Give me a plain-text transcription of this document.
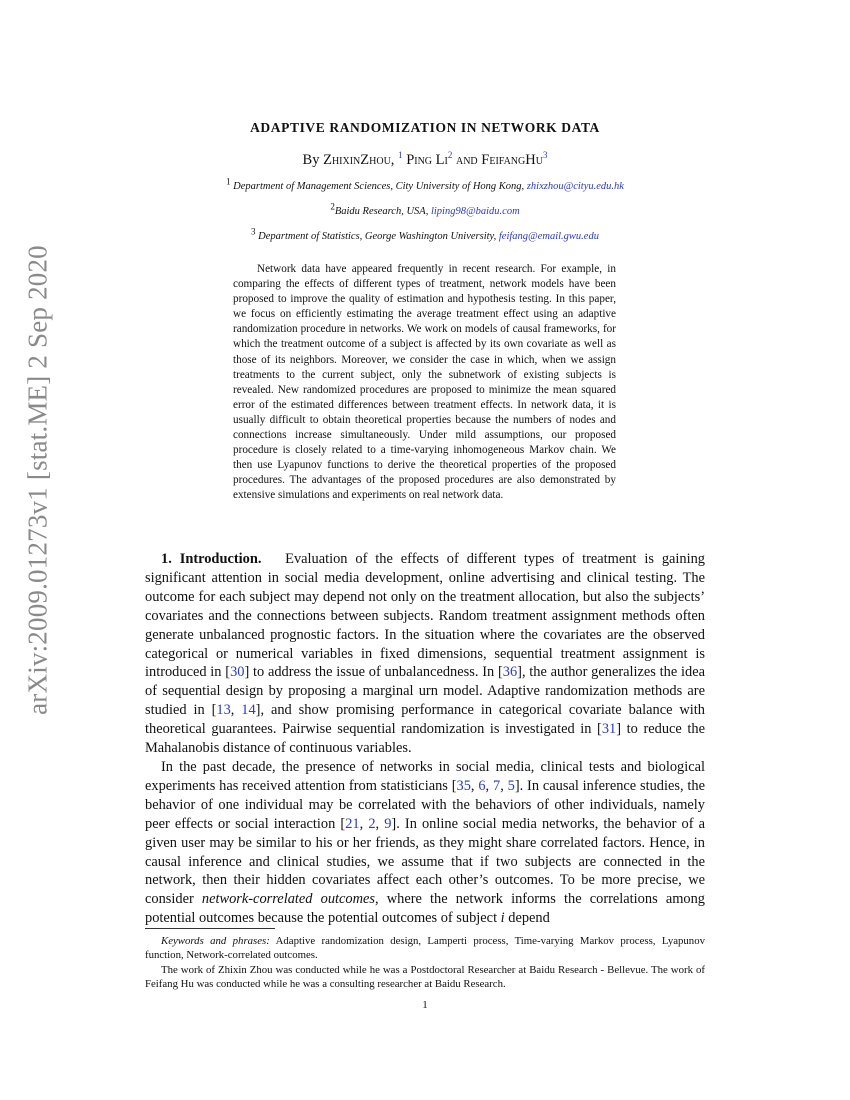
arXiv:2009.01273v1 [stat.ME] 2 Sep 2020
ADAPTIVE RANDOMIZATION IN NETWORK DATA
By ZhixinZhou, $^1$ Ping Li$^2$ and FeifangHu$^3$
$^1$ Department of Management Sciences, City University of Hong Kong, zhixzhou@cityu.edu.hk
$^2$Baidu Research, USA, liping98@baidu.com
$^3$ Department of Statistics, George Washington University, feifang@email.gwu.edu

Network data have appeared frequently in recent research. For example, in comparing the effects of different types of treatment, network models have been proposed to improve the quality of estimation and hypothesis testing. In this paper, we focus on efficiently estimating the average treatment effect using an adaptive randomization procedure in networks. We work on models of causal frameworks, for which the treatment outcome of a subject is affected by its own covariate as well as those of its neighbors. Moreover, we consider the case in which, when we assign treatments to the current subject, only the subnetwork of existing subjects is revealed. New randomized procedures are proposed to minimize the mean squared error of the estimated differences between treatment effects. In network data, it is usually difficult to obtain theoretical properties because the numbers of nodes and connections increase simultaneously. Under mild assumptions, our proposed procedure is closely related to a time-varying inhomogeneous Markov chain. We then use Lyapunov functions to derive the theoretical properties of the proposed procedures. The advantages of the proposed procedures are also demonstrated by extensive simulations and experiments on real network data.

1. Introduction. Evaluation of the effects of different types of treatment is gaining significant attention in social media development, online advertising and clinical testing. The outcome for each subject may depend not only on the treatment allocation, but also the subjects’ covariates and the connections between subjects. Random treatment assignment methods often generate unbalanced prognostic factors. In the situation where the covariates are the observed categorical or numerical variables in fixed dimensions, sequential treatment assignment is introduced in [30] to address the issue of unbalancedness. In [36], the author generalizes the idea of sequential design by proposing a marginal urn model. Adaptive randomization methods are studied in [13, 14], and show promising performance in categorical covariate balance with theoretical guarantees. Pairwise sequential randomization is investigated in [31] to reduce the Mahalanobis distance of continuous variables.

In the past decade, the presence of networks in social media, clinical tests and biological experiments has received attention from statisticians [35, 6, 7, 5]. In causal inference studies, the behavior of one individual may be correlated with the behaviors of other individuals, namely peer effects or social interaction [21, 2, 9]. In online social media networks, the behavior of a given user may be similar to his or her friends, as they might share correlated factors. Hence, in causal inference and clinical studies, we assume that if two subjects are connected in the network, then their hidden covariates affect each other’s outcomes. To be more precise, we consider network-correlated outcomes, where the network informs the correlations among potential outcomes because the potential outcomes of subject i depend

Keywords and phrases: Adaptive randomization design, Lamperti process, Time-varying Markov process, Lyapunov function, Network-correlated outcomes.

The work of Zhixin Zhou was conducted while he was a Postdoctoral Researcher at Baidu Research - Bellevue. The work of Feifang Hu was conducted while he was a consulting researcher at Baidu Research.

1
